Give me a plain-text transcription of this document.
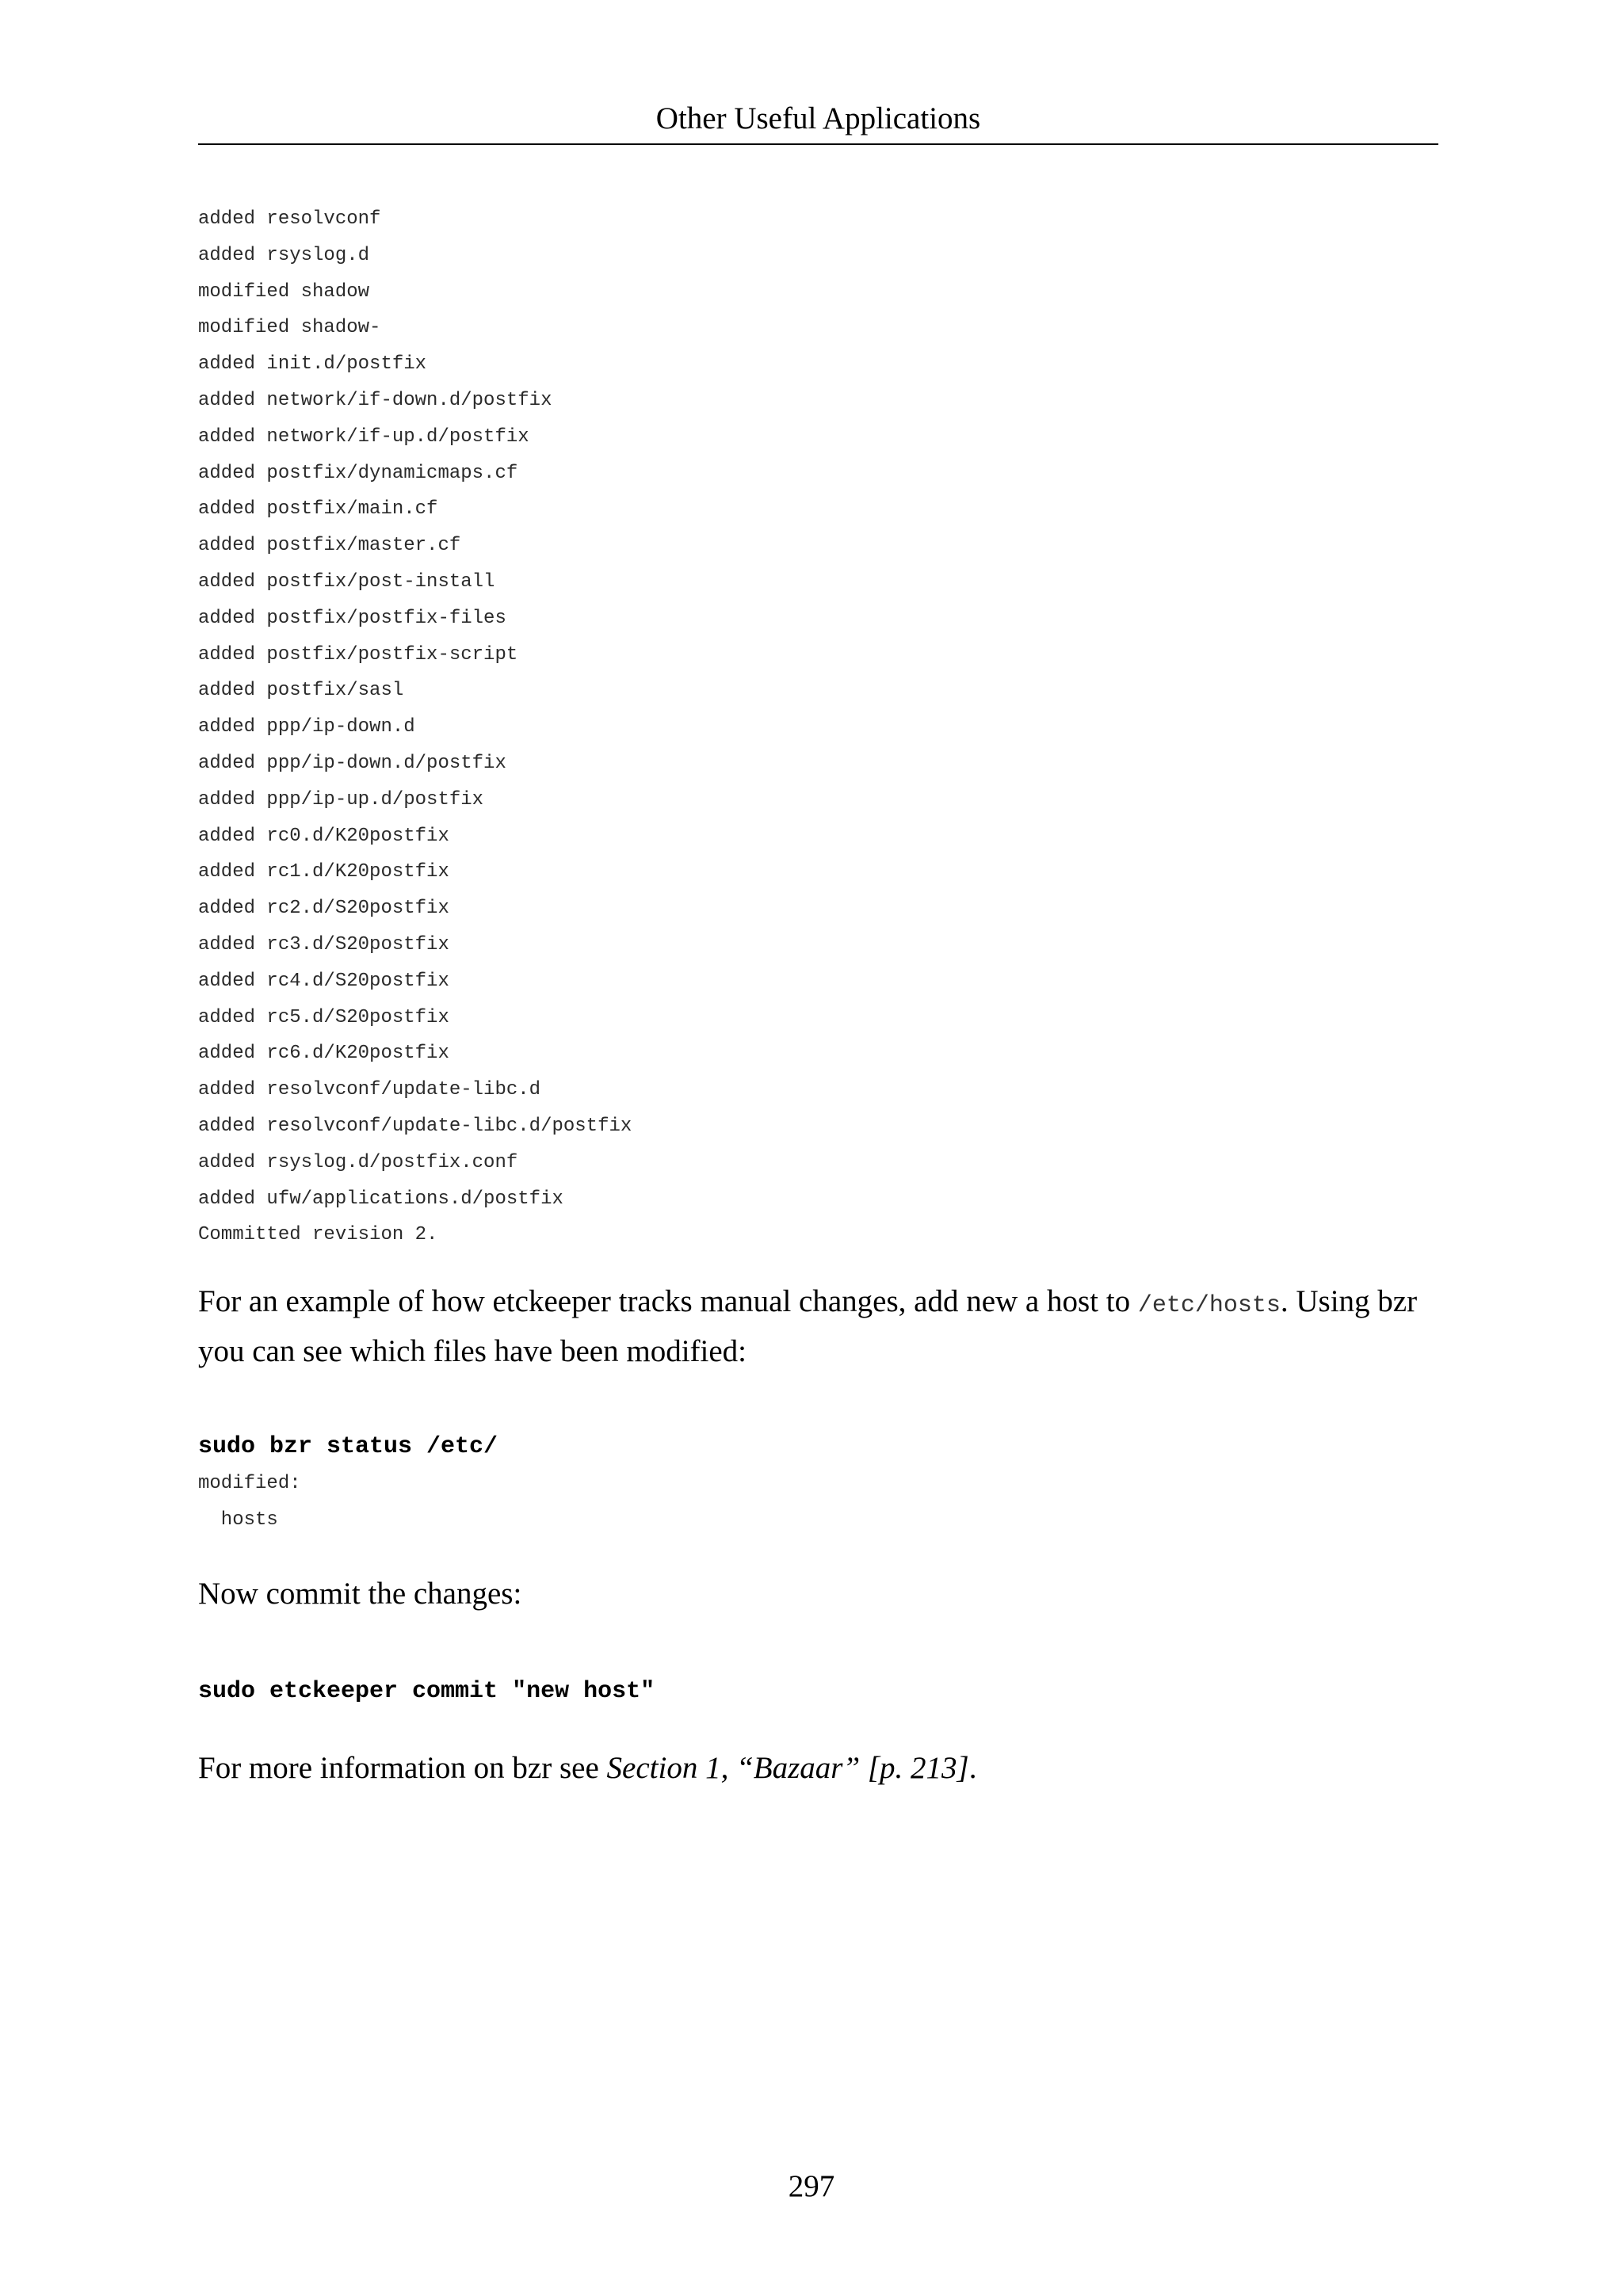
Other Useful Applications
added resolvconf
added rsyslog.d
modified shadow
modified shadow-
added init.d/postfix
added network/if-down.d/postfix
added network/if-up.d/postfix
added postfix/dynamicmaps.cf
added postfix/main.cf
added postfix/master.cf
added postfix/post-install
added postfix/postfix-files
added postfix/postfix-script
added postfix/sasl
added ppp/ip-down.d
added ppp/ip-down.d/postfix
added ppp/ip-up.d/postfix
added rc0.d/K20postfix
added rc1.d/K20postfix
added rc2.d/S20postfix
added rc3.d/S20postfix
added rc4.d/S20postfix
added rc5.d/S20postfix
added rc6.d/K20postfix
added resolvconf/update-libc.d
added resolvconf/update-libc.d/postfix
added rsyslog.d/postfix.conf
added ufw/applications.d/postfix
Committed revision 2.

For an example of how etckeeper tracks manual changes, add new a host to /etc/hosts. Using bzr you can see which files have been modified:

sudo bzr status /etc/
modified:
hosts

Now commit the changes:

sudo etckeeper commit "new host"

For more information on bzr see Section 1, “Bazaar” [p. 213].

297
